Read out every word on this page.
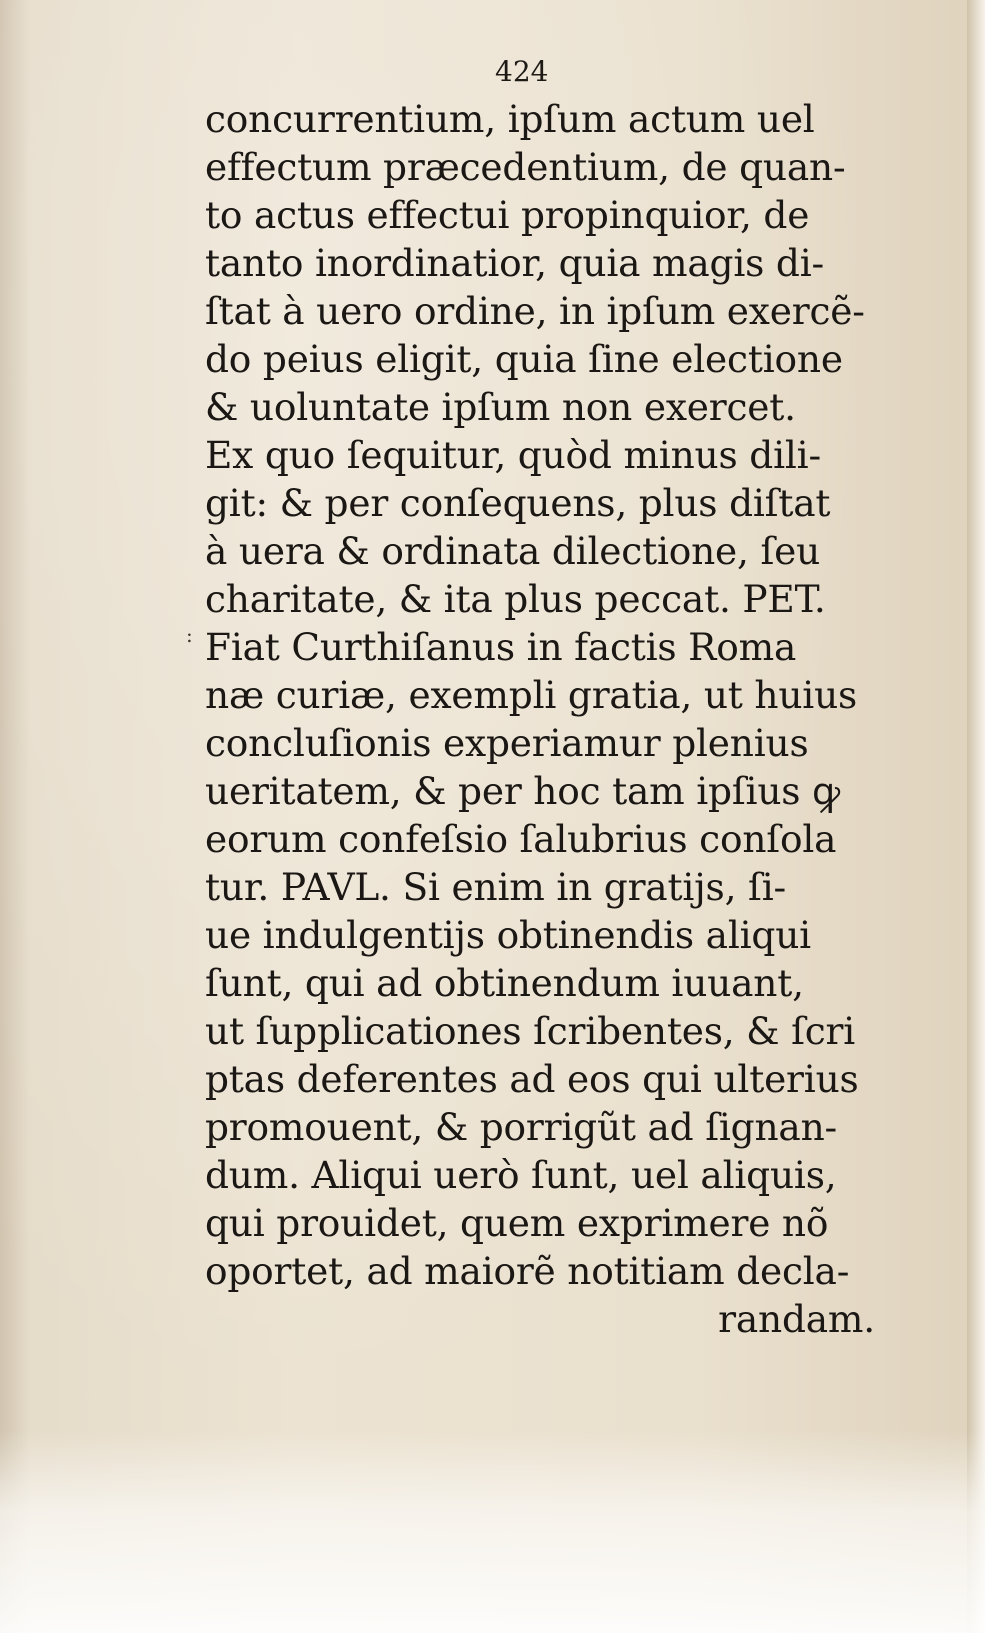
424
:
concurrentium, ipſum actum uel
effectum præcedentium, de quan-
to actus effectui propinquior, de
tanto inordinatior, quia magis di-
ſtat à uero ordine, in ipſum exercẽ-
do peius eligit, quia ſine electione
& uoluntate ipſum non exercet.
Ex quo ſequitur, quòd minus dili-
git: & per conſequens, plus diſtat
à uera & ordinata dilectione, ſeu
charitate, & ita plus peccat. PET.
Fiat Curthiſanus in factis Roma
næ curiæ, exempli gratia, ut huius
concluſionis experiamur plenius
ueritatem, & per hoc tam ipſius ꝙ
eorum confeſsio ſalubrius conſola
tur. PAVL. Si enim in gratijs, ſi-
ue indulgentijs obtinendis aliqui
ſunt, qui ad obtinendum iuuant,
ut ſupplicationes ſcribentes, & ſcri
ptas deferentes ad eos qui ulterius
promouent, & porrigũt ad ſignan-
dum. Aliqui uerò ſunt, uel aliquis,
qui prouidet, quem exprimere nõ
oportet, ad maiorẽ notitiam decla-
randam.
